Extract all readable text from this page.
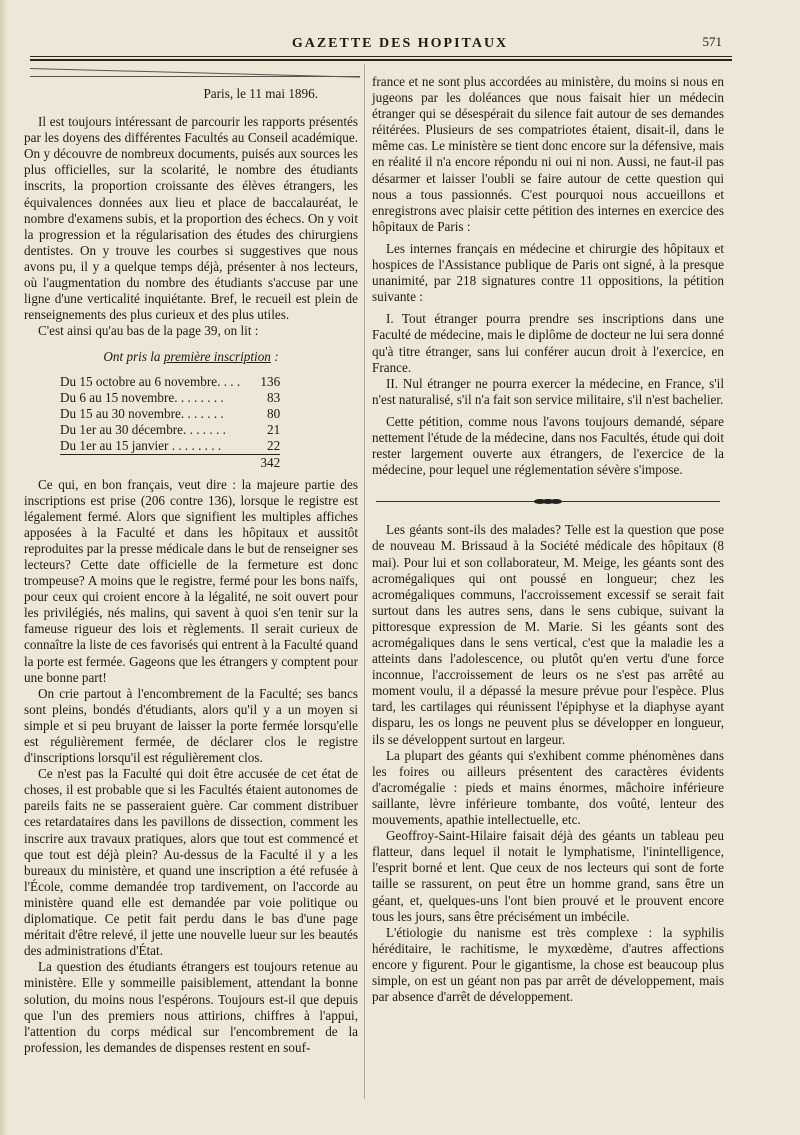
GAZETTE DES HOPITAUX	571

Paris, le 11 mai 1896.

Il est toujours intéressant de parcourir les rapports présentés par les doyens des différentes Facultés au Conseil académique. On y découvre de nombreux documents, puisés aux sources les plus officielles, sur la scolarité, le nombre des étudiants inscrits, la proportion croissante des élèves étrangers, les équivalences données aux lieu et place de baccalauréat, le nombre d'examens subis, et la proportion des échecs. On y voit la progression et la régularisation des études des chirurgiens dentistes. On y trouve les courbes si suggestives que nous avons pu, il y a quelque temps déjà, présenter à nos lecteurs, où l'augmentation du nombre des étudiants s'accuse par une ligne d'une verticalité inquiétante. Bref, le recueil est plein de renseignements des plus curieux et des plus utiles.

C'est ainsi qu'au bas de la page 39, on lit :

Ont pris la première inscription :

Du 15 octobre au 6 novembre. . . .	136
Du 6 au 15 novembre. . . . . . . .	83
Du 15 au 30 novembre. . . . . . .	80
Du 1er au 30 décembre. . . . . . .	21
Du 1er au 15 janvier . . . . . . . .	22
	342

Ce qui, en bon français, veut dire : la majeure partie des inscriptions est prise (206 contre 136), lorsque le registre est légalement fermé. Alors que signifient les multiples affiches apposées à la Faculté et dans les hôpitaux et aussitôt reproduites par la presse médicale dans le but de renseigner ses lecteurs? Cette date officielle de la fermeture est donc trompeuse? A moins que le registre, fermé pour les bons naïfs, pour ceux qui croient encore à la légalité, ne soit ouvert pour les privilégiés, nés malins, qui savent à quoi s'en tenir sur la fameuse rigueur des lois et règlements. Il serait curieux de connaître la liste de ces favorisés qui entrent à la Faculté quand la porte est fermée. Gageons que les étrangers y comptent pour une bonne part!

On crie partout à l'encombrement de la Faculté; ses bancs sont pleins, bondés d'étudiants, alors qu'il y a un moyen si simple et si peu bruyant de laisser la porte fermée lorsqu'elle est régulièrement fermée, de déclarer clos le registre d'inscriptions lorsqu'il est régulièrement clos.

Ce n'est pas la Faculté qui doit être accusée de cet état de choses, il est probable que si les Facultés étaient autonomes de pareils faits ne se passeraient guère. Car comment distribuer ces retardataires dans les pavillons de dissection, comment les inscrire aux travaux pratiques, alors que tout est commencé et que tout est déjà plein? Au-dessus de la Faculté il y a les bureaux du ministère, et quand une inscription a été refusée à l'École, comme demandée trop tardivement, on l'accorde au ministère quand elle est demandée par voie politique ou diplomatique. Ce petit fait perdu dans le bas d'une page méritait d'être relevé, il jette une nouvelle lueur sur les beautés des administrations d'État.

La question des étudiants étrangers est toujours retenue au ministère. Elle y sommeille paisiblement, attendant la bonne solution, du moins nous l'espérons. Toujours est-il que depuis que l'un des premiers nous attirions, chiffres à l'appui, l'attention du corps médical sur l'encombrement de la profession, les demandes de dispenses restent en souf-

france et ne sont plus accordées au ministère, du moins si nous en jugeons par les doléances que nous faisait hier un médecin étranger qui se désespérait du silence fait autour de ses demandes réitérées. Plusieurs de ses compatriotes étaient, disait-il, dans le même cas. Le ministère se tient donc encore sur la défensive, mais en réalité il n'a encore répondu ni oui ni non. Aussi, ne faut-il pas désarmer et laisser l'oubli se faire autour de cette question qui nous a tous passionnés. C'est pourquoi nous accueillons et enregistrons avec plaisir cette pétition des internes en exercice des hôpitaux de Paris :

Les internes français en médecine et chirurgie des hôpitaux et hospices de l'Assistance publique de Paris ont signé, à la presque unanimité, par 218 signatures contre 11 oppositions, la pétition suivante :

I. Tout étranger pourra prendre ses inscriptions dans une Faculté de médecine, mais le diplôme de docteur ne lui sera donné qu'à titre étranger, sans lui conférer aucun droit à l'exercice, en France.

II. Nul étranger ne pourra exercer la médecine, en France, s'il n'est naturalisé, s'il n'a fait son service militaire, s'il n'est bachelier.

Cette pétition, comme nous l'avons toujours demandé, sépare nettement l'étude de la médecine, dans nos Facultés, étude qui doit rester largement ouverte aux étrangers, de l'exercice de la médecine, pour lequel une réglementation sévère s'impose.

Les géants sont-ils des malades? Telle est la question que pose de nouveau M. Brissaud à la Société médicale des hôpitaux (8 mai). Pour lui et son collaborateur, M. Meige, les géants sont des acromégaliques qui ont poussé en longueur; chez les acromégaliques communs, l'accroissement excessif se serait fait surtout dans les autres sens, dans le sens cubique, suivant la pittoresque expression de M. Marie. Si les géants sont des acromégaliques dans le sens vertical, c'est que la maladie les a atteints dans l'adolescence, ou plutôt qu'en vertu d'une force inconnue, l'accroissement de leurs os ne s'est pas arrêté au moment voulu, il a dépassé la mesure prévue pour l'espèce. Plus tard, les cartilages qui réunissent l'épiphyse et la diaphyse ayant disparu, les os longs ne peuvent plus se développer en longueur, ils se développent surtout en largeur.

La plupart des géants qui s'exhibent comme phénomènes dans les foires ou ailleurs présentent des caractères évidents d'acromégalie : pieds et mains énormes, mâchoire inférieure saillante, lèvre inférieure tombante, dos voûté, lenteur des mouvements, apathie intellectuelle, etc.

Geoffroy-Saint-Hilaire faisait déjà des géants un tableau peu flatteur, dans lequel il notait le lymphatisme, l'inintelligence, l'esprit borné et lent. Que ceux de nos lecteurs qui sont de forte taille se rassurent, on peut être un homme grand, sans être un géant, et, quelques-uns l'ont bien prouvé et le prouvent encore tous les jours, sans être précisément un imbécile.

L'étiologie du nanisme est très complexe : la syphilis héréditaire, le rachitisme, le myxœdème, d'autres affections encore y figurent. Pour le gigantisme, la chose est beaucoup plus simple, on est un géant non pas par arrêt de développement, mais par absence d'arrêt de développement.
